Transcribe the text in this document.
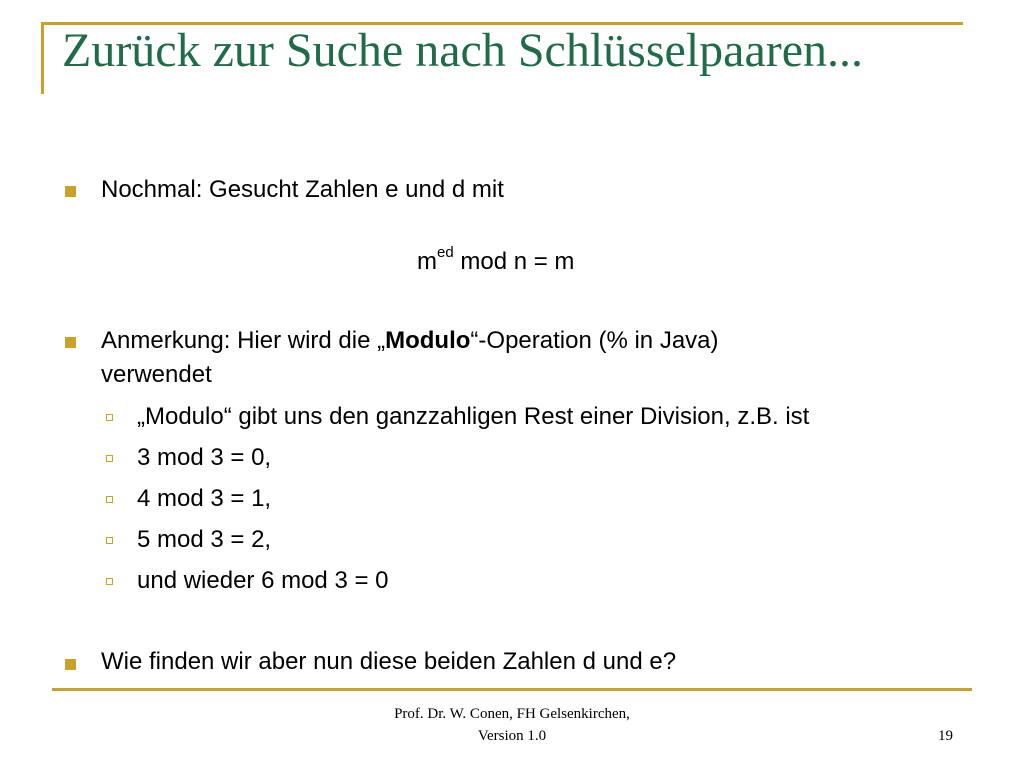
Zurück zur Suche nach Schlüsselpaaren...
Nochmal: Gesucht Zahlen e und d mit
$m^{ed}$ mod n = m
Anmerkung: Hier wird die „Modulo“-Operation (% in Java)
verwendet
„Modulo“ gibt uns den ganzzahligen Rest einer Division, z.B. ist
3 mod 3 = 0,
4 mod 3 = 1,
5 mod 3 = 2,
und wieder 6 mod 3 = 0
Wie finden wir aber nun diese beiden Zahlen d und e?
Prof. Dr. W. Conen, FH Gelsenkirchen,
Version 1.0	19
